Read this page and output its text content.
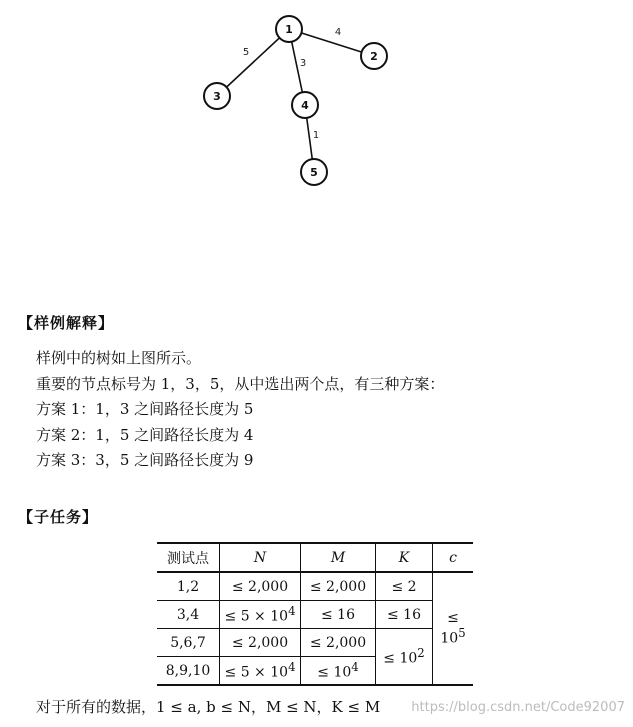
4
5
3
1
1
2
3
4
5
【样例解释】
样例中的树如上图所示。
重要的节点标号为 1，3，5，从中选出两个点，有三种方案：
方案 1：1，3 之间路径长度为 5
方案 2：1，5 之间路径长度为 4
方案 3：3，5 之间路径长度为 9
【子任务】
测试点	N	M	K	c
1,2	≤ 2,000	≤ 2,000	≤ 2	≤ $10^5$
3,4	≤ $5 \times 10^4$	≤ 16	≤ 16	
5,6,7	≤ 2,000	≤ 2,000	≤ $10^2$
8,9,10	≤ $5 \times 10^4$	≤ $10^4$
对于所有的数据，1 ≤ a, b ≤ N，M ≤ N，K ≤ M https://blog.csdn.net/Code92007
